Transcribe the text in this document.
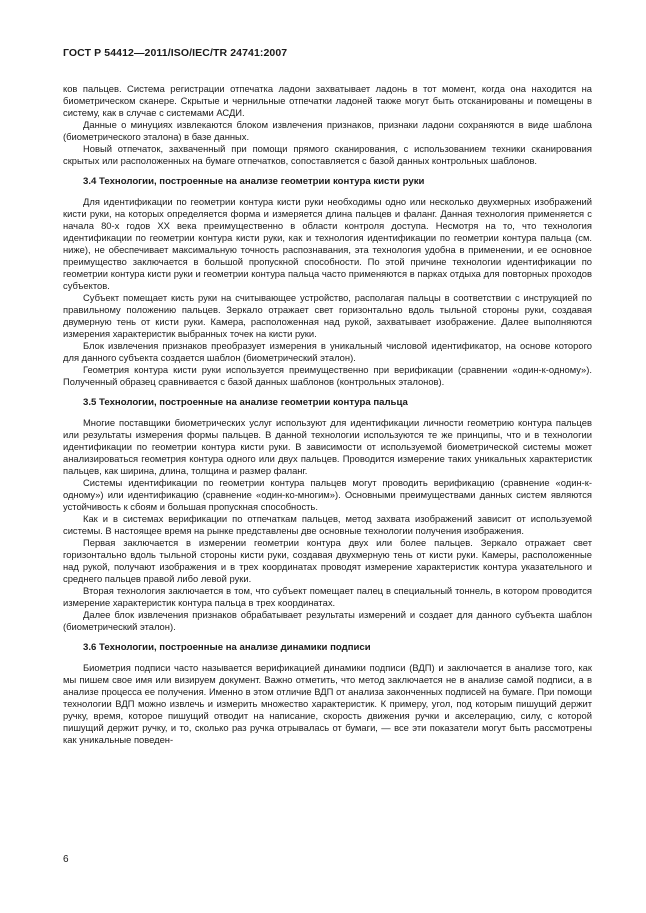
ГОСТ Р 54412—2011/ISO/IEC/TR 24741:2007

ков пальцев. Система регистрации отпечатка ладони захватывает ладонь в тот момент, когда она находится на биометрическом сканере. Скрытые и чернильные отпечатки ладоней также могут быть отсканированы и помещены в систему, как в случае с системами АСДИ.

Данные о минуциях извлекаются блоком извлечения признаков, признаки ладони сохраняются в виде шаблона (биометрического эталона) в базе данных.

Новый отпечаток, захваченный при помощи прямого сканирования, с использованием техники сканирования скрытых или расположенных на бумаге отпечатков, сопоставляется с базой данных контрольных шаблонов.

3.4 Технологии, построенные на анализе геометрии контура кисти руки

Для идентификации по геометрии контура кисти руки необходимы одно или несколько двухмерных изображений кисти руки, на которых определяется форма и измеряется длина пальцев и фаланг. Данная технология применяется с начала 80-х годов XX века преимущественно в области контроля доступа. Несмотря на то, что технология идентификации по геометрии контура кисти руки, как и технология идентификации по геометрии контура пальца (см. ниже), не обеспечивает максимальную точность распознавания, эта технология удобна в применении, и ее основное преимущество заключается в большой пропускной способности. По этой причине технологии идентификации по геометрии контура кисти руки и геометрии контура пальца часто применяются в парках отдыха для повторных проходов субъектов.

Субъект помещает кисть руки на считывающее устройство, располагая пальцы в соответствии с инструкцией по правильному положению пальцев. Зеркало отражает свет горизонтально вдоль тыльной стороны руки, создавая двумерную тень от кисти руки. Камера, расположенная над рукой, захватывает изображение. Далее выполняются измерения характеристик выбранных точек на кисти руки.

Блок извлечения признаков преобразует измерения в уникальный числовой идентификатор, на основе которого для данного субъекта создается шаблон (биометрический эталон).

Геометрия контура кисти руки используется преимущественно при верификации (сравнении «один-к-одному»). Полученный образец сравнивается с базой данных шаблонов (контрольных эталонов).

3.5 Технологии, построенные на анализе геометрии контура пальца

Многие поставщики биометрических услуг используют для идентификации личности геометрию контура пальцев или результаты измерения формы пальцев. В данной технологии используются те же принципы, что и в технологии идентификации по геометрии контура кисти руки. В зависимости от используемой биометрической системы может анализироваться геометрия контура одного или двух пальцев. Проводится измерение таких уникальных характеристик пальцев, как ширина, длина, толщина и размер фаланг.

Системы идентификации по геометрии контура пальцев могут проводить верификацию (сравнение «один-к-одному») или идентификацию (сравнение «один-ко-многим»). Основными преимуществами данных систем являются устойчивость к сбоям и большая пропускная способность.

Как и в системах верификации по отпечаткам пальцев, метод захвата изображений зависит от используемой системы. В настоящее время на рынке представлены две основные технологии получения изображения.

Первая заключается в измерении геометрии контура двух или более пальцев. Зеркало отражает свет горизонтально вдоль тыльной стороны кисти руки, создавая двухмерную тень от кисти руки. Камеры, расположенные над рукой, получают изображения и в трех координатах проводят измерение характеристик контура указательного и среднего пальцев правой либо левой руки.

Вторая технология заключается в том, что субъект помещает палец в специальный тоннель, в котором проводится измерение характеристик контура пальца в трех координатах.

Далее блок извлечения признаков обрабатывает результаты измерений и создает для данного субъекта шаблон (биометрический эталон).

3.6 Технологии, построенные на анализе динамики подписи

Биометрия подписи часто называется верификацией динамики подписи (ВДП) и заключается в анализе того, как мы пишем свое имя или визируем документ. Важно отметить, что метод заключается не в анализе самой подписи, а в анализе процесса ее получения. Именно в этом отличие ВДП от анализа законченных подписей на бумаге. При помощи технологии ВДП можно извлечь и измерить множество характеристик. К примеру, угол, под которым пишущий держит ручку, время, которое пишущий отводит на написание, скорость движения ручки и акселерацию, силу, с которой пишущий держит ручку, и то, сколько раз ручка отрывалась от бумаги, — все эти показатели могут быть рассмотрены как уникальные поведен-

6
